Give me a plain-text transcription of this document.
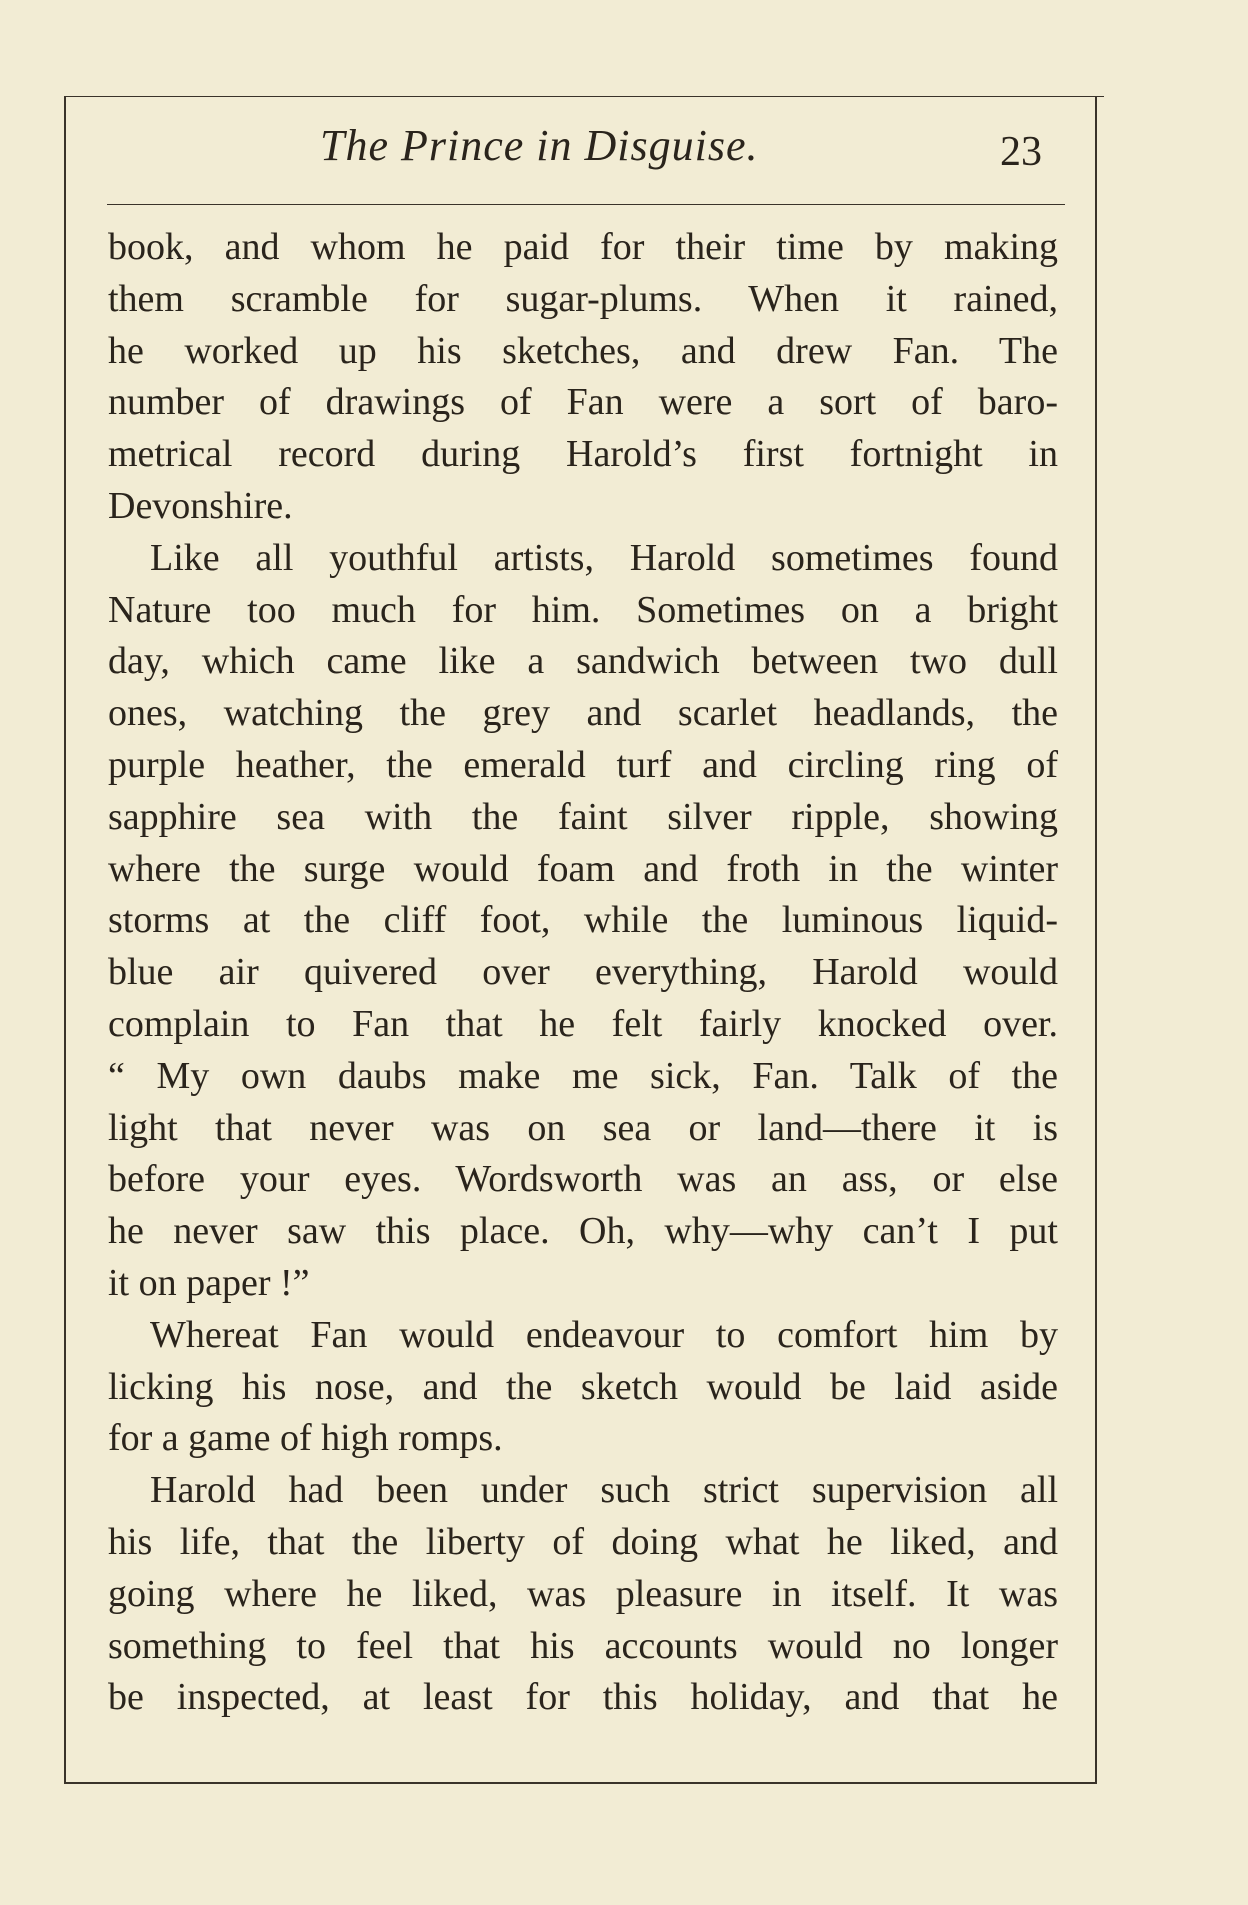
The Prince in Disguise.	23
book, and whom he paid for their time by making
them scramble for sugar-plums. When it rained,
he worked up his sketches, and drew Fan. The
number of drawings of Fan were a sort of baro-
metrical record during Harold’s first fortnight in
Devonshire.
Like all youthful artists, Harold sometimes found
Nature too much for him. Sometimes on a bright
day, which came like a sandwich between two dull
ones, watching the grey and scarlet headlands, the
purple heather, the emerald turf and circling ring of
sapphire sea with the faint silver ripple, showing
where the surge would foam and froth in the winter
storms at the cliff foot, while the luminous liquid-
blue air quivered over everything, Harold would
complain to Fan that he felt fairly knocked over.
“ My own daubs make me sick, Fan. Talk of the
light that never was on sea or land—there it is
before your eyes. Wordsworth was an ass, or else
he never saw this place. Oh, why—why can’t I put
it on paper !”
Whereat Fan would endeavour to comfort him by
licking his nose, and the sketch would be laid aside
for a game of high romps.
Harold had been under such strict supervision all
his life, that the liberty of doing what he liked, and
going where he liked, was pleasure in itself. It was
something to feel that his accounts would no longer
be inspected, at least for this holiday, and that he
